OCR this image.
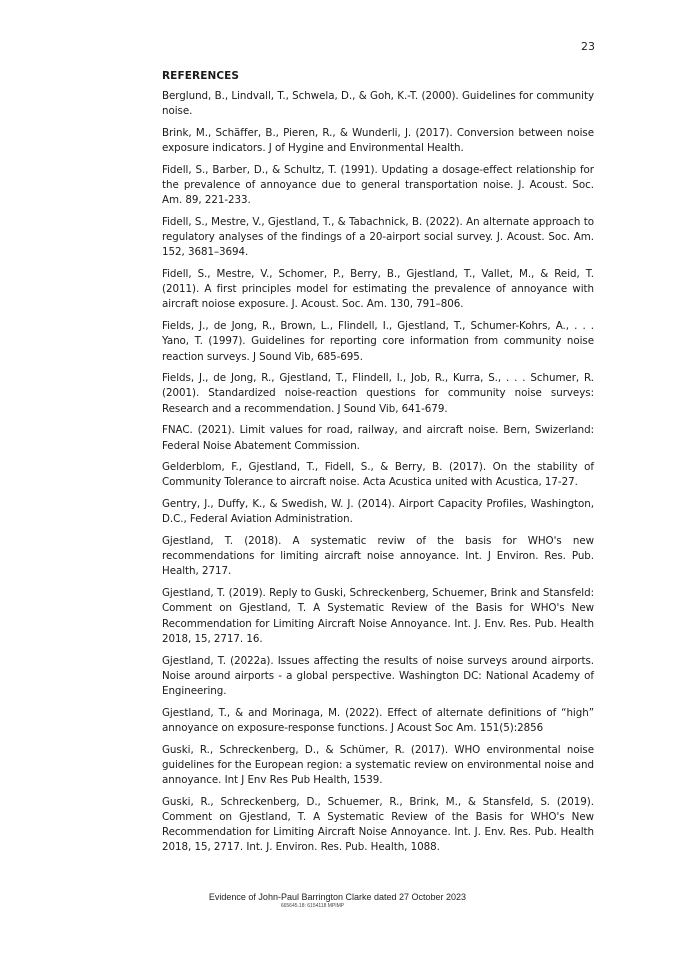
23
REFERENCES
Berglund, B., Lindvall, T., Schwela, D., & Goh, K.-T. (2000). Guidelines for community noise.
Brink, M., Schäffer, B., Pieren, R., & Wunderli, J. (2017). Conversion between noise exposure indicators. J of Hygine and Environmental Health.
Fidell, S., Barber, D., & Schultz, T. (1991). Updating a dosage-effect relationship for the prevalence of annoyance due to general transportation noise. J. Acoust. Soc. Am. 89, 221-233.
Fidell, S., Mestre, V., Gjestland, T., & Tabachnick, B. (2022). An alternate approach to regulatory analyses of the findings of a 20-airport social survey. J. Acoust. Soc. Am. 152, 3681–3694.
Fidell, S., Mestre, V., Schomer, P., Berry, B., Gjestland, T., Vallet, M., & Reid, T. (2011). A first principles model for estimating the prevalence of annoyance with aircraft noiose exposure. J. Acoust. Soc. Am. 130, 791–806.
Fields, J., de Jong, R., Brown, L., Flindell, I., Gjestland, T., Schumer-Kohrs, A., . . . Yano, T. (1997). Guidelines for reporting core information from community noise reaction surveys. J Sound Vib, 685-695.
Fields, J., de Jong, R., Gjestland, T., Flindell, I., Job, R., Kurra, S., . . . Schumer, R. (2001). Standardized noise-reaction questions for community noise surveys: Research and a recommendation. J Sound Vib, 641-679.
FNAC. (2021). Limit values for road, railway, and aircraft noise. Bern, Swizerland: Federal Noise Abatement Commission.
Gelderblom, F., Gjestland, T., Fidell, S., & Berry, B. (2017). On the stability of Community Tolerance to aircraft noise. Acta Acustica united with Acustica, 17-27.
Gentry, J., Duffy, K., & Swedish, W. J. (2014). Airport Capacity Profiles, Washington, D.C., Federal Aviation Administration.
Gjestland, T. (2018). A systematic reviw of the basis for WHO's new recommendations for limiting aircraft noise annoyance. Int. J Environ. Res. Pub. Health, 2717.
Gjestland, T. (2019). Reply to Guski, Schreckenberg, Schuemer, Brink and Stansfeld: Comment on Gjestland, T. A Systematic Review of the Basis for WHO's New Recommendation for Limiting Aircraft Noise Annoyance. Int. J. Env. Res. Pub. Health 2018, 15, 2717. 16.
Gjestland, T. (2022a). Issues affecting the results of noise surveys around airports. Noise around airports - a global perspective. Washington DC: National Academy of Engineering.
Gjestland, T., & and Morinaga, M. (2022). Effect of alternate definitions of “high” annoyance on exposure-response functions. J Acoust Soc Am. 151(5):2856
Guski, R., Schreckenberg, D., & Schümer, R. (2017). WHO environmental noise guidelines for the European region: a systematic review on environmental noise and annoyance. Int J Env Res Pub Health, 1539.
Guski, R., Schreckenberg, D., Schuemer, R., Brink, M., & Stansfeld, S. (2019). Comment on Gjestland, T. A Systematic Review of the Basis for WHO's New Recommendation for Limiting Aircraft Noise Annoyance. Int. J. Env. Res. Pub. Health 2018, 15, 2717. Int. J. Environ. Res. Pub. Health, 1088.
Evidence of John-Paul Barrington Clarke dated 27 October 2023
665645.18: 6154118 MPIMP
